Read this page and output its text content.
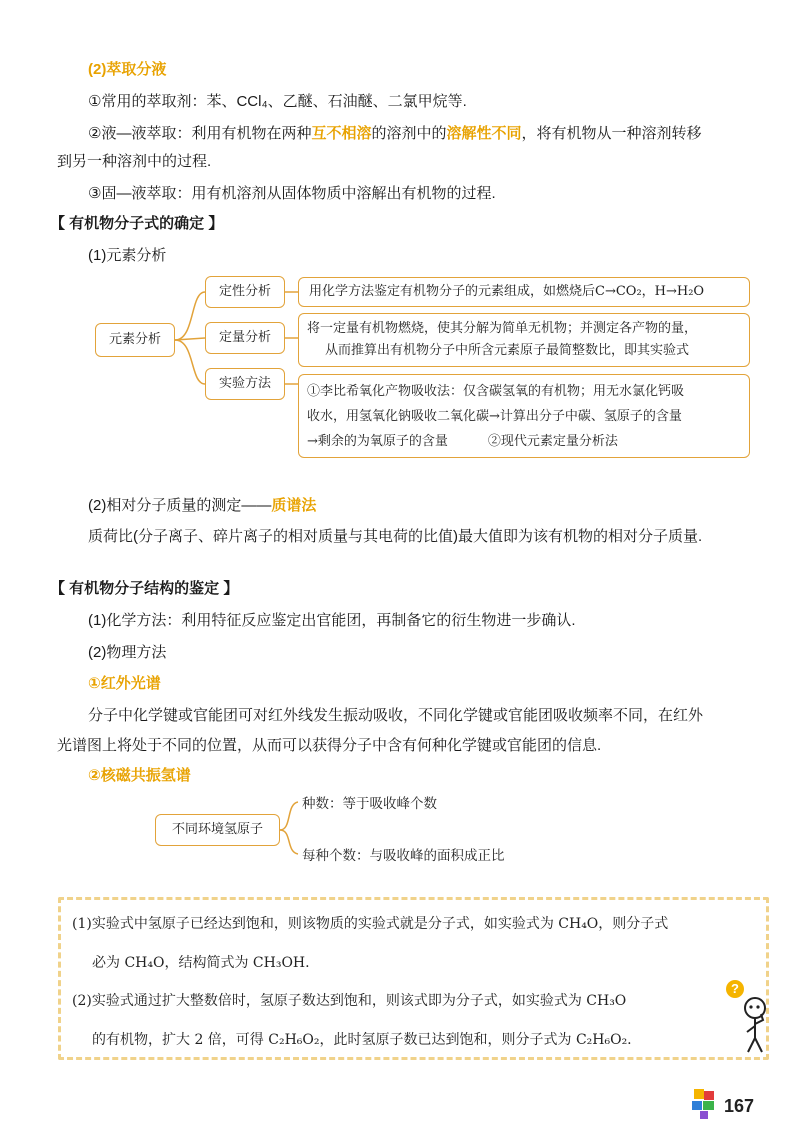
(2)萃取分液
①常用的萃取剂：苯、CCl₄、乙醚、石油醚、二氯甲烷等.
②液—液萃取：利用有机物在两种互不相溶的溶剂中的溶解性不同，将有机物从一种溶剂转移
到另一种溶剂中的过程.
③固—液萃取：用有机溶剂从固体物质中溶解出有机物的过程.
【 有机物分子式的确定 】
(1)元素分析
元素分析
定性分析
定量分析
实验方法
用化学方法鉴定有机物分子的元素组成，如燃烧后C→CO₂，H→H₂O
将一定量有机物燃烧，使其分解为简单无机物；并测定各产物的量，
从而推算出有机物分子中所含元素原子最简整数比，即其实验式
①李比希氧化产物吸收法：仅含碳氢氧的有机物；用无水氯化钙吸
收水，用氢氧化钠吸收二氧化碳→计算出分子中碳、氢原子的含量
→剩余的为氧原子的含量	②现代元素定量分析法
(2)相对分子质量的测定——质谱法
质荷比(分子离子、碎片离子的相对质量与其电荷的比值)最大值即为该有机物的相对分子质量.
【 有机物分子结构的鉴定 】
(1)化学方法：利用特征反应鉴定出官能团，再制备它的衍生物进一步确认.
(2)物理方法
①红外光谱
分子中化学键或官能团可对红外线发生振动吸收，不同化学键或官能团吸收频率不同，在红外
光谱图上将处于不同的位置，从而可以获得分子中含有何种化学键或官能团的信息.
②核磁共振氢谱
不同环境氢原子
种数：等于吸收峰个数
每种个数：与吸收峰的面积成正比
(1)实验式中氢原子已经达到饱和，则该物质的实验式就是分子式，如实验式为 CH₄O，则分子式
必为 CH₄O，结构简式为 CH₃OH.
(2)实验式通过扩大整数倍时，氢原子数达到饱和，则该式即为分子式，如实验式为 CH₃O
的有机物，扩大 2 倍，可得 C₂H₆O₂，此时氢原子数已达到饱和，则分子式为 C₂H₆O₂.
?
167
